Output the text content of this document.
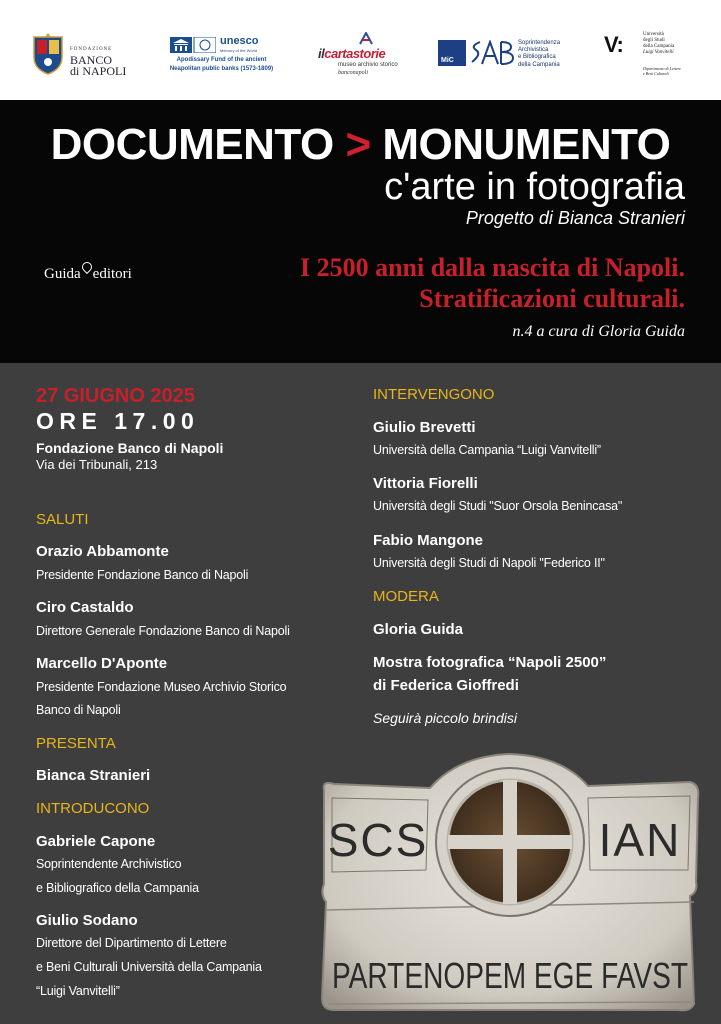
FONDAZIONE
BANCO
di NAPOLI
unesco
Memory of the World
Apodissary Fund of the ancient
Neapolitan public banks (1573-1809)
ilcartastorie
museo archivio storico
banconapoli
MiC
Soprintendenza
Archivistica
e Bibliografica
della Campania
V:	Università
degli Studi
della Campania
Luigi Vanvitelli
Dipartimento di Lettere
e Beni Culturali
DOCUMENTO > MONUMENTO
c'arte in fotografia
Progetto di Bianca Stranieri
Guida editori	I 2500 anni dalla nascita di Napoli.
Stratificazioni culturali.
n.4 a cura di Gloria Guida
27 GIUGNO 2025
ORE 17.00
Fondazione Banco di Napoli
Via dei Tribunali, 213
SALUTI
Orazio Abbamonte
Presidente Fondazione Banco di Napoli
Ciro Castaldo
Direttore Generale Fondazione Banco di Napoli
Marcello D'Aponte
Presidente Fondazione Museo Archivio Storico
Banco di Napoli
PRESENTA
Bianca Stranieri
INTRODUCONO
Gabriele Capone
Soprintendente Archivistico
e Bibliografico della Campania
Giulio Sodano
Direttore del Dipartimento di Lettere
e Beni Culturali Università della Campania
“Luigi Vanvitelli”
INTERVENGONO
Giulio Brevetti
Università della Campania “Luigi Vanvitelli”
Vittoria Fiorelli
Università degli Studi "Suor Orsola Benincasa"
Fabio Mangone
Università degli Studi di Napoli "Federico II"
MODERA
Gloria Guida
Mostra fotografica “Napoli 2500”
di Federica Gioffredi
Seguirà piccolo brindisi
SCS	IAN
PARTENOPEM EGE FAVST
